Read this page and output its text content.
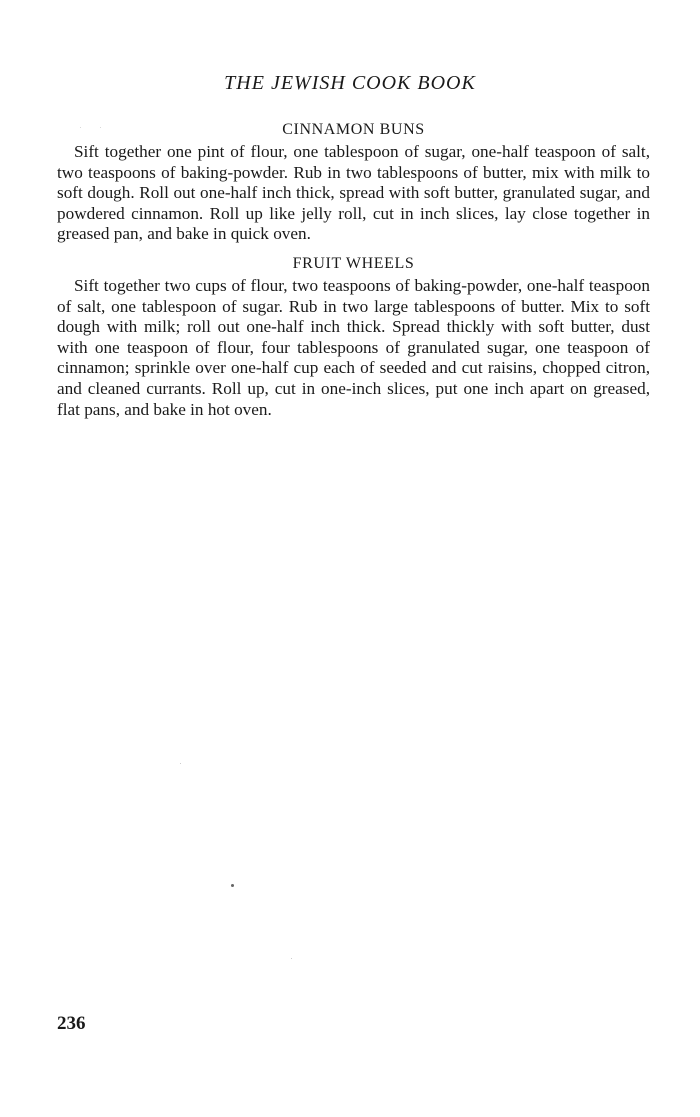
THE JEWISH COOK BOOK
CINNAMON BUNS

Sift together one pint of flour, one tablespoon of sugar, one-half teaspoon of salt, two teaspoons of baking-powder. Rub in two tablespoons of butter, mix with milk to soft dough. Roll out one-half inch thick, spread with soft butter, granulated sugar, and powdered cinnamon. Roll up like jelly roll, cut in inch slices, lay close together in greased pan, and bake in quick oven.

FRUIT WHEELS

Sift together two cups of flour, two teaspoons of baking-powder, one-half teaspoon of salt, one tablespoon of sugar. Rub in two large tablespoons of butter. Mix to soft dough with milk; roll out one-half inch thick. Spread thickly with soft butter, dust with one teaspoon of flour, four tablespoons of granulated sugar, one teaspoon of cinnamon; sprinkle over one-half cup each of seeded and cut raisins, chopped citron, and cleaned currants. Roll up, cut in one-inch slices, put one inch apart on greased, flat pans, and bake in hot oven.

236
